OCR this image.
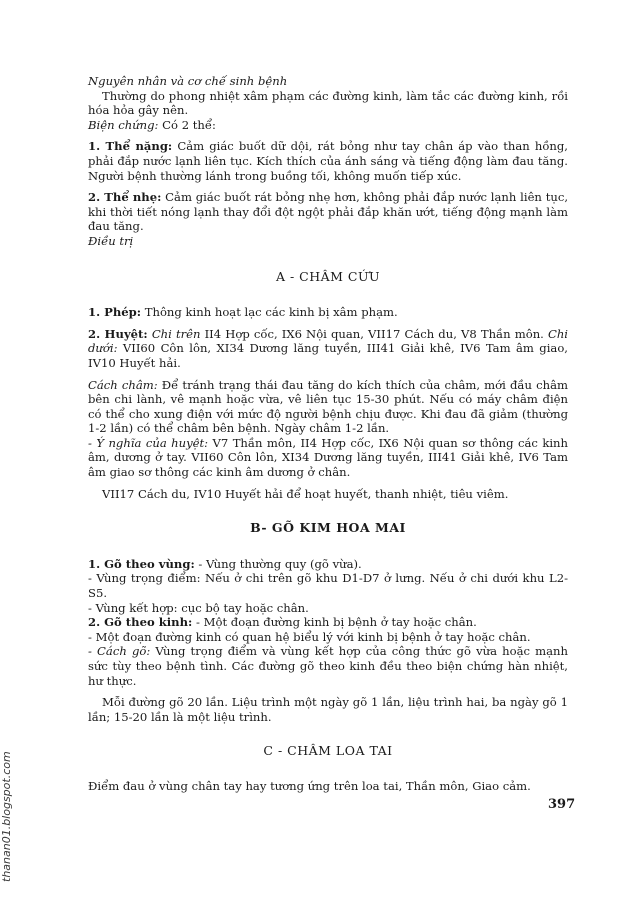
Nguyên nhân và cơ chế sinh bệnh

Thường do phong nhiệt xâm phạm các đường kinh, làm tắc các đường kinh, rồi hóa hỏa gây nên.

Biện chứng: Có 2 thể:

1. Thể nặng: Cảm giác buốt dữ dội, rát bỏng như tay chân áp vào than hồng, phải đắp nước lạnh liên tục. Kích thích của ánh sáng và tiếng động làm đau tăng. Người bệnh thường lánh trong buồng tối, không muốn tiếp xúc.

2. Thể nhẹ: Cảm giác buốt rát bỏng nhẹ hơn, không phải đắp nước lạnh liên tục, khi thời tiết nóng lạnh thay đổi đột ngột phải đắp khăn ướt, tiếng động mạnh làm đau tăng.

Điều trị

A - CHÂM CỨU

1. Phép: Thông kinh hoạt lạc các kinh bị xâm phạm.

2. Huyệt: Chi trên II4 Hợp cốc, IX6 Nội quan, VII17 Cách du, V8 Thần môn. Chi dưới: VII60 Côn lôn, XI34 Dương lăng tuyền, III41 Giải khê, IV6 Tam âm giao, IV10 Huyết hải.

Cách châm: Để tránh trạng thái đau tăng do kích thích của châm, mới đầu châm bên chi lành, vê mạnh hoặc vừa, vê liên tục 15-30 phút. Nếu có máy châm điện có thể cho xung điện với mức độ người bệnh chịu được. Khi đau đã giảm (thường 1-2 lần) có thể châm bên bệnh. Ngày châm 1-2 lần.

- Ý nghĩa của huyệt: V7 Thần môn, II4 Hợp cốc, IX6 Nội quan sơ thông các kinh âm, dương ở tay. VII60 Côn lôn, XI34 Dương lăng tuyền, III41 Giải khê, IV6 Tam âm giao sơ thông các kinh âm dương ở chân.

VII17 Cách du, IV10 Huyết hải để hoạt huyết, thanh nhiệt, tiêu viêm.

B- GÕ KIM HOA MAI

1. Gõ theo vùng: - Vùng thường quy (gõ vừa).

- Vùng trọng điểm: Nếu ở chi trên gõ khu D1-D7 ở lưng. Nếu ở chi dưới khu L2-S5.

- Vùng kết hợp: cục bộ tay hoặc chân.

2. Gõ theo kinh: - Một đoạn đường kinh bị bệnh ở tay hoặc chân.

- Một đoạn đường kinh có quan hệ biểu lý với kinh bị bệnh ở tay hoặc chân.

- Cách gõ: Vùng trọng điểm và vùng kết hợp của công thức gõ vừa hoặc mạnh sức tùy theo bệnh tình. Các đường gõ theo kinh đều theo biện chứng hàn nhiệt, hư thực.

Mỗi đường gõ 20 lần. Liệu trình một ngày gõ 1 lần, liệu trình hai, ba ngày gõ 1 lần; 15-20 lần là một liệu trình.

C - CHÂM LOA TAI

Điểm đau ở vùng chân tay hay tương ứng trên loa tai, Thần môn, Giao cảm.

397
thanan01.blogspot.com
